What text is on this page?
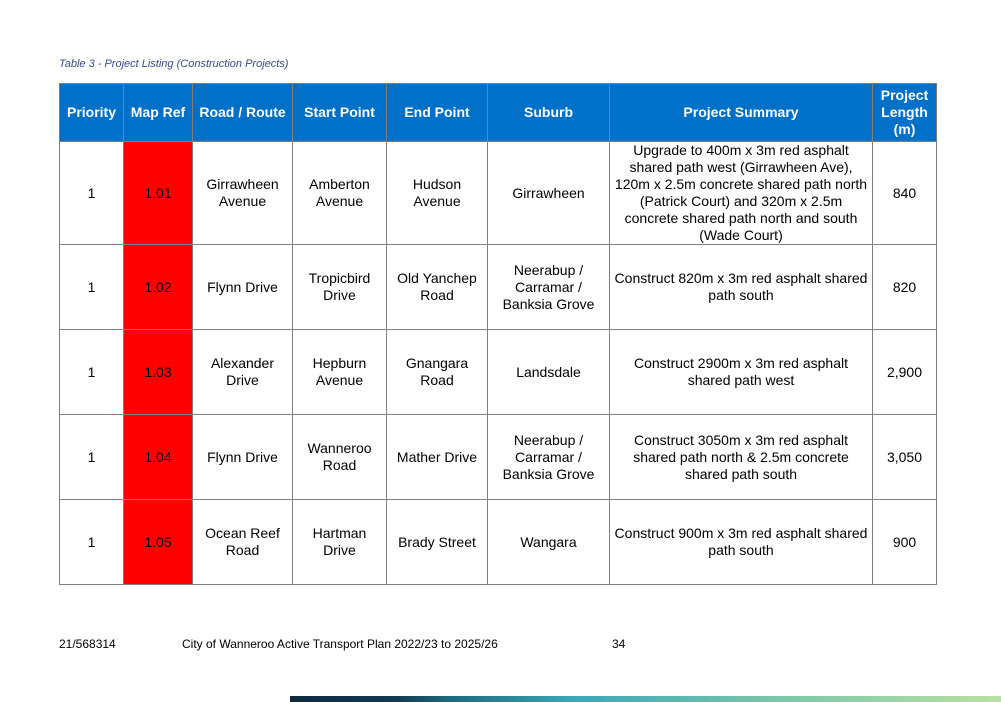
Table 3 - Project Listing (Construction Projects)
Priority	Map Ref	Road / Route	Start Point	End Point	Suburb	Project Summary	Project Length (m)
1	1.01	Girrawheen Avenue	Amberton Avenue	Hudson Avenue	Girrawheen	Upgrade to 400m x 3m red asphalt shared path west (Girrawheen Ave), 120m x 2.5m concrete shared path north (Patrick Court) and 320m x 2.5m concrete shared path north and south (Wade Court)	840
1	1.02	Flynn Drive	Tropicbird Drive	Old Yanchep Road	Neerabup / Carramar / Banksia Grove	Construct 820m x 3m red asphalt shared path south	820
1	1.03	Alexander Drive	Hepburn Avenue	Gnangara Road	Landsdale	Construct 2900m x 3m red asphalt shared path west	2,900
1	1.04	Flynn Drive	Wanneroo Road	Mather Drive	Neerabup / Carramar / Banksia Grove	Construct 3050m x 3m red asphalt shared path north & 2.5m concrete shared path south	3,050
1	1.05	Ocean Reef Road	Hartman Drive	Brady Street	Wangara	Construct 900m x 3m red asphalt shared path south	900
21/568314	City of Wanneroo Active Transport Plan 2022/23 to 2025/26	34
